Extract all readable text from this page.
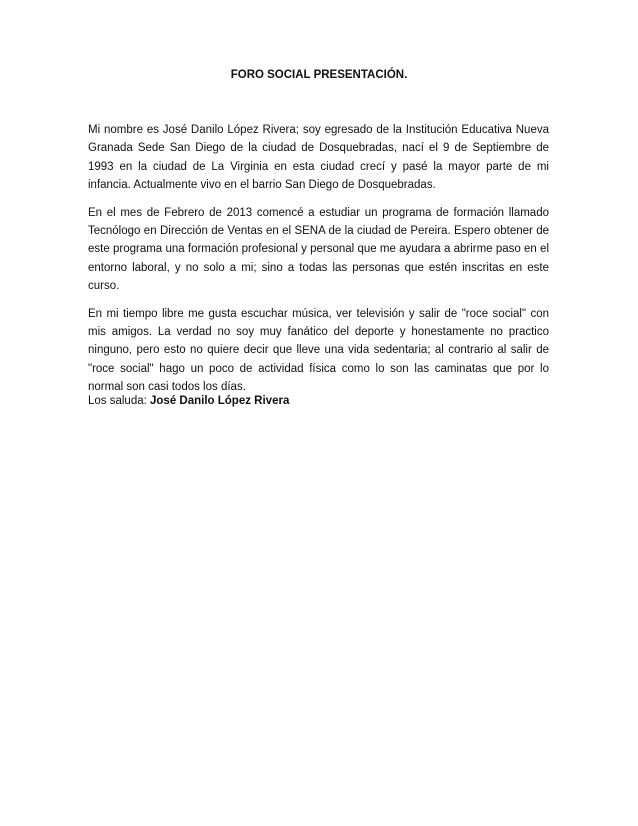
FORO SOCIAL PRESENTACIÓN.

Mi nombre es José Danilo López Rivera; soy egresado de la Institución Educativa Nueva Granada Sede San Diego de la ciudad de Dosquebradas, nací el 9 de Septiembre de 1993 en la ciudad de La Virginia en esta ciudad crecí y pasé la mayor parte de mi infancia. Actualmente vivo en el barrio San Diego de Dosquebradas.

En el mes de Febrero de 2013 comencé a estudiar un programa de formación llamado Tecnólogo en Dirección de Ventas en el SENA de la ciudad de Pereira. Espero obtener de este programa una formación profesional y personal que me ayudara a abrirme paso en el entorno laboral, y no solo a mi; sino a todas las personas que estén inscritas en este curso.

En mi tiempo libre me gusta escuchar música, ver televisión y salir de "roce social" con mis amigos. La verdad no soy muy fanático del deporte y honestamente no practico ninguno, pero esto no quiere decir que lleve una vida sedentaria; al contrario al salir de "roce social" hago un poco de actividad física como lo son las caminatas que por lo normal son casi todos los días.

Los saluda: José Danilo López Rivera
